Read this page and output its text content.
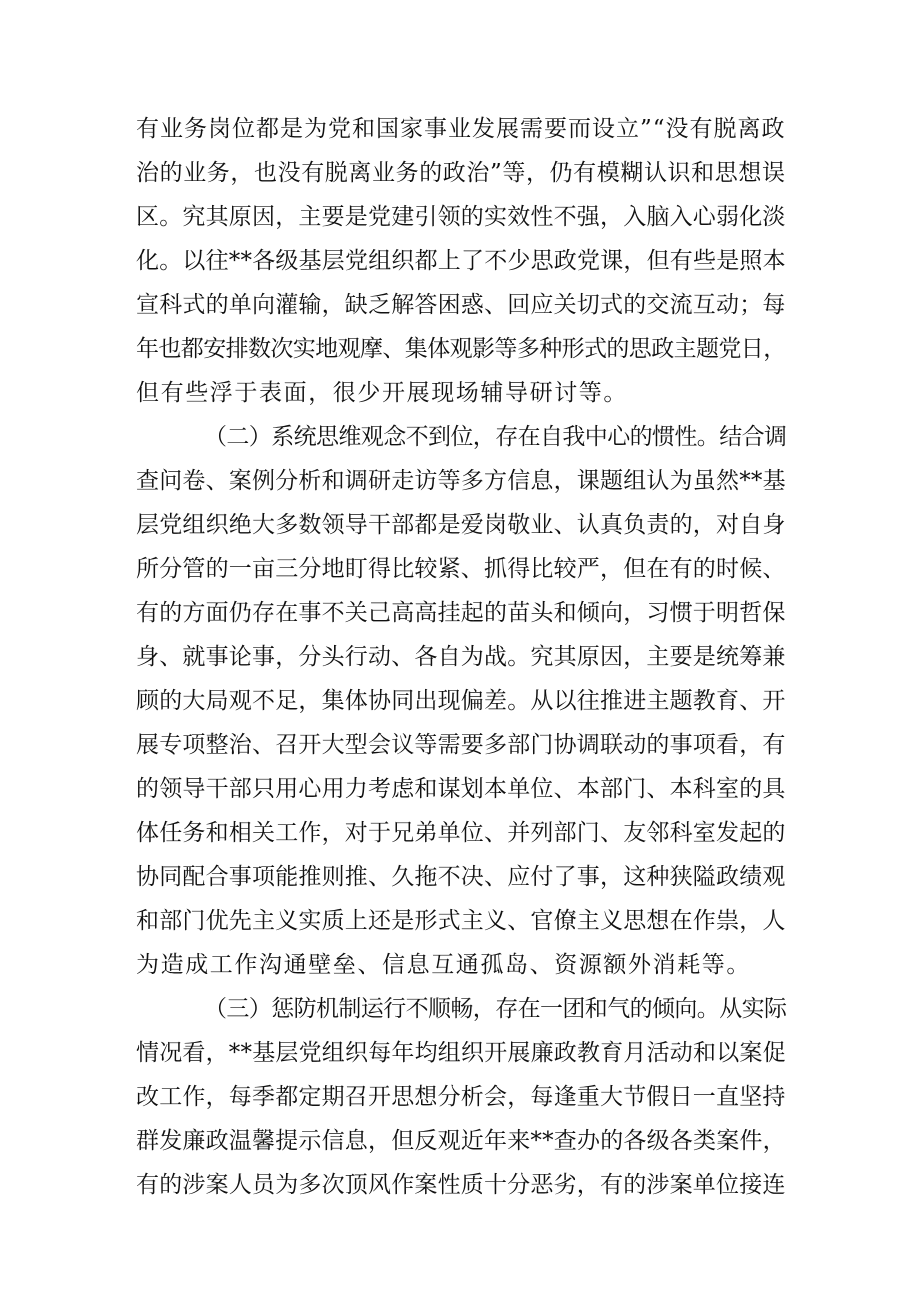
有业务岗位都是为党和国家事业发展需要而设立”“没有脱离政
治的业务，也没有脱离业务的政治”等，仍有模糊认识和思想误
区。究其原因，主要是党建引领的实效性不强，入脑入心弱化淡
化。以往**各级基层党组织都上了不少思政党课，但有些是照本
宣科式的单向灌输，缺乏解答困惑、回应关切式的交流互动；每
年也都安排数次实地观摩、集体观影等多种形式的思政主题党日，
但有些浮于表面，很少开展现场辅导研讨等。
（二）系统思维观念不到位，存在自我中心的惯性。结合调
查问卷、案例分析和调研走访等多方信息，课题组认为虽然**基
层党组织绝大多数领导干部都是爱岗敬业、认真负责的，对自身
所分管的一亩三分地盯得比较紧、抓得比较严，但在有的时候、
有的方面仍存在事不关己高高挂起的苗头和倾向，习惯于明哲保
身、就事论事，分头行动、各自为战。究其原因，主要是统筹兼
顾的大局观不足，集体协同出现偏差。从以往推进主题教育、开
展专项整治、召开大型会议等需要多部门协调联动的事项看，有
的领导干部只用心用力考虑和谋划本单位、本部门、本科室的具
体任务和相关工作，对于兄弟单位、并列部门、友邻科室发起的
协同配合事项能推则推、久拖不决、应付了事，这种狭隘政绩观
和部门优先主义实质上还是形式主义、官僚主义思想在作祟，人
为造成工作沟通壁垒、信息互通孤岛、资源额外消耗等。
（三）惩防机制运行不顺畅，存在一团和气的倾向。从实际
情况看，**基层党组织每年均组织开展廉政教育月活动和以案促
改工作，每季都定期召开思想分析会，每逢重大节假日一直坚持
群发廉政温馨提示信息，但反观近年来**查办的各级各类案件，
有的涉案人员为多次顶风作案性质十分恶劣，有的涉案单位接连
